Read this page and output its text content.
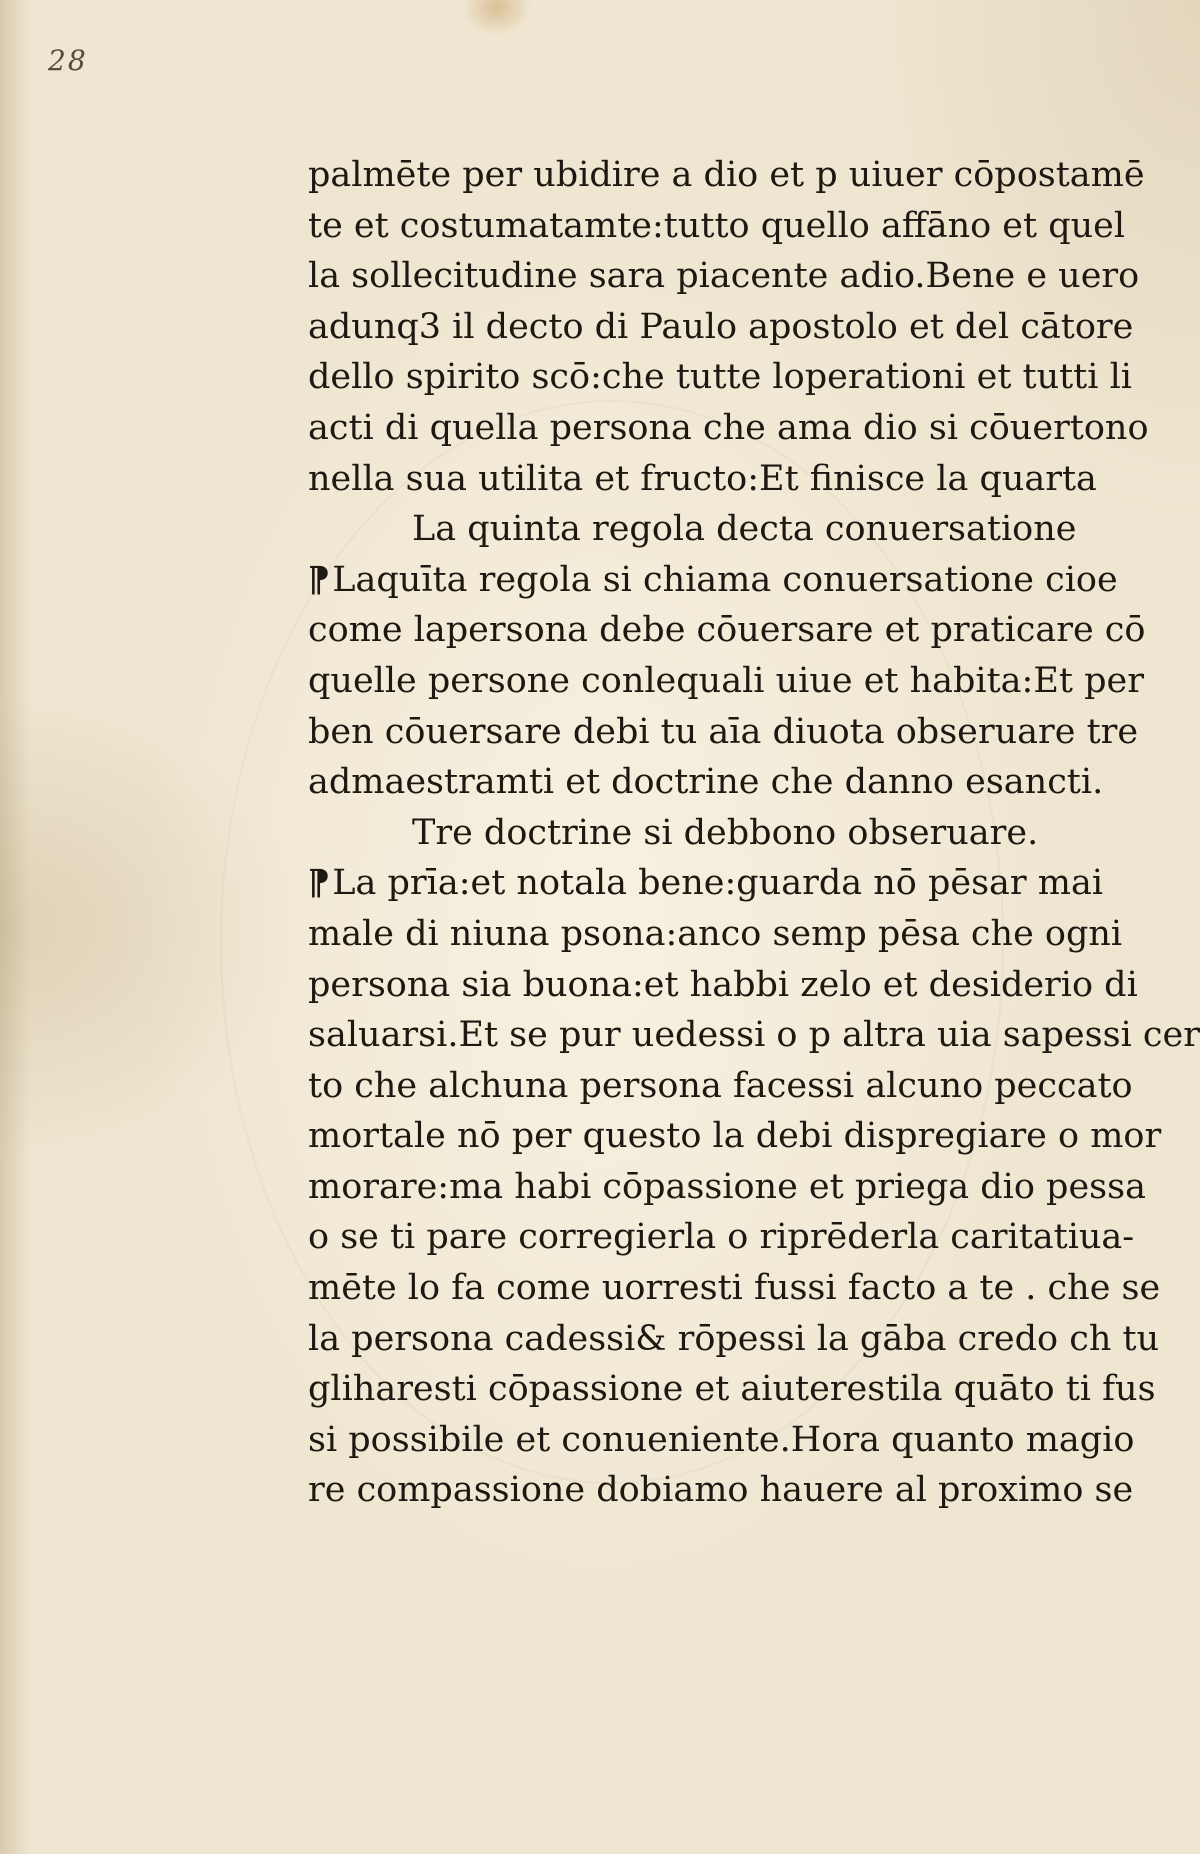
28
palmēte per ubidire a dio et p uiuer cōpostamē
te et costumatamte:tutto quello affāno et quel
la sollecitudine sara piacente adio.Bene e uero
adunq3 il decto di Paulo apostolo et del cātore
dello spirito scō:che tutte loperationi et tutti li
acti di quella persona che ama dio si cōuertono
nella sua utilita et fructo:Et finisce la quarta
La quinta regola decta conuersatione
¶Laquīta regola si chiama conuersatione cioe
come lapersona debe cōuersare et praticare cō
quelle persone conlequali uiue et habita:Et per
ben cōuersare debi tu aīa diuota obseruare tre
admaestramti et doctrine che danno esancti.
Tre doctrine si debbono obseruare.
¶La prīa:et notala bene:guarda nō pēsar mai
male di niuna psona:anco semp pēsa che ogni
persona sia buona:et habbi zelo et desiderio di
saluarsi.Et se pur uedessi o p altra uia sapessi cer
to che alchuna persona facessi alcuno peccato
mortale nō per questo la debi dispregiare o mor
morare:ma habi cōpassione et priega dio pessa
o se ti pare corregierla o riprēderla caritatiua-
mēte lo fa come uorresti fussi facto a te . che se
la persona cadessi& rōpessi la gāba credo ch tu
gliharesti cōpassione et aiuterestila quāto ti fus
si possibile et conueniente.Hora quanto magio
re compassione dobiamo hauere al proximo se
